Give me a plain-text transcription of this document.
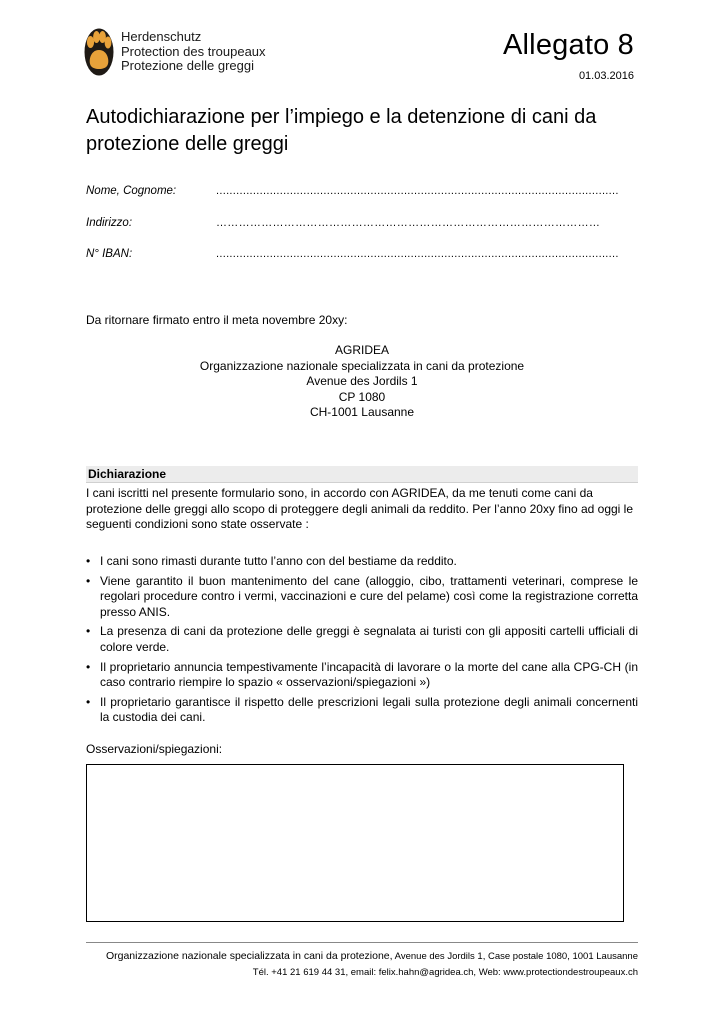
Herdenschutz
Protection des troupeaux
Protezione delle greggi
Allegato 8
01.03.2016
Autodichiarazione per l’impiego e la detenzione di cani da protezione delle greggi
Nome, Cognome:	........................................................................................................................
Indirizzo:	…………………………………………………………………………………………
N° IBAN:	........................................................................................................................
Da ritornare firmato entro il meta novembre 20xy:
AGRIDEA
Organizzazione nazionale specializzata in cani da protezione
Avenue des Jordils 1
CP 1080
CH-1001 Lausanne
Dichiarazione
I cani iscritti nel presente formulario sono, in accordo con AGRIDEA, da me tenuti come cani da protezione delle greggi allo scopo di proteggere degli animali da reddito. Per l’anno 20xy fino ad oggi le seguenti condizioni sono state osservate :
• I cani sono rimasti durante tutto l’anno con del bestiame da reddito.
• Viene garantito il buon mantenimento del cane (alloggio, cibo, trattamenti veterinari, comprese le regolari procedure contro i vermi, vaccinazioni e cure del pelame) così come la registrazione corretta presso ANIS.
• La presenza di cani da protezione delle greggi è segnalata ai turisti con gli appositi cartelli ufficiali di colore verde.
• Il proprietario annuncia tempestivamente l’incapacità di lavorare o la morte del cane alla CPG-CH (in caso contrario riempire lo spazio « osservazioni/spiegazioni »)
• Il proprietario garantisce il rispetto delle prescrizioni legali sulla protezione degli animali concernenti la custodia dei cani.
Osservazioni/spiegazioni:
Organizzazione nazionale specializzata in cani da protezione, Avenue des Jordils 1, Case postale 1080, 1001 Lausanne
Tél. +41 21 619 44 31, email: felix.hahn@agridea.ch, Web: www.protectiondestroupeaux.ch
